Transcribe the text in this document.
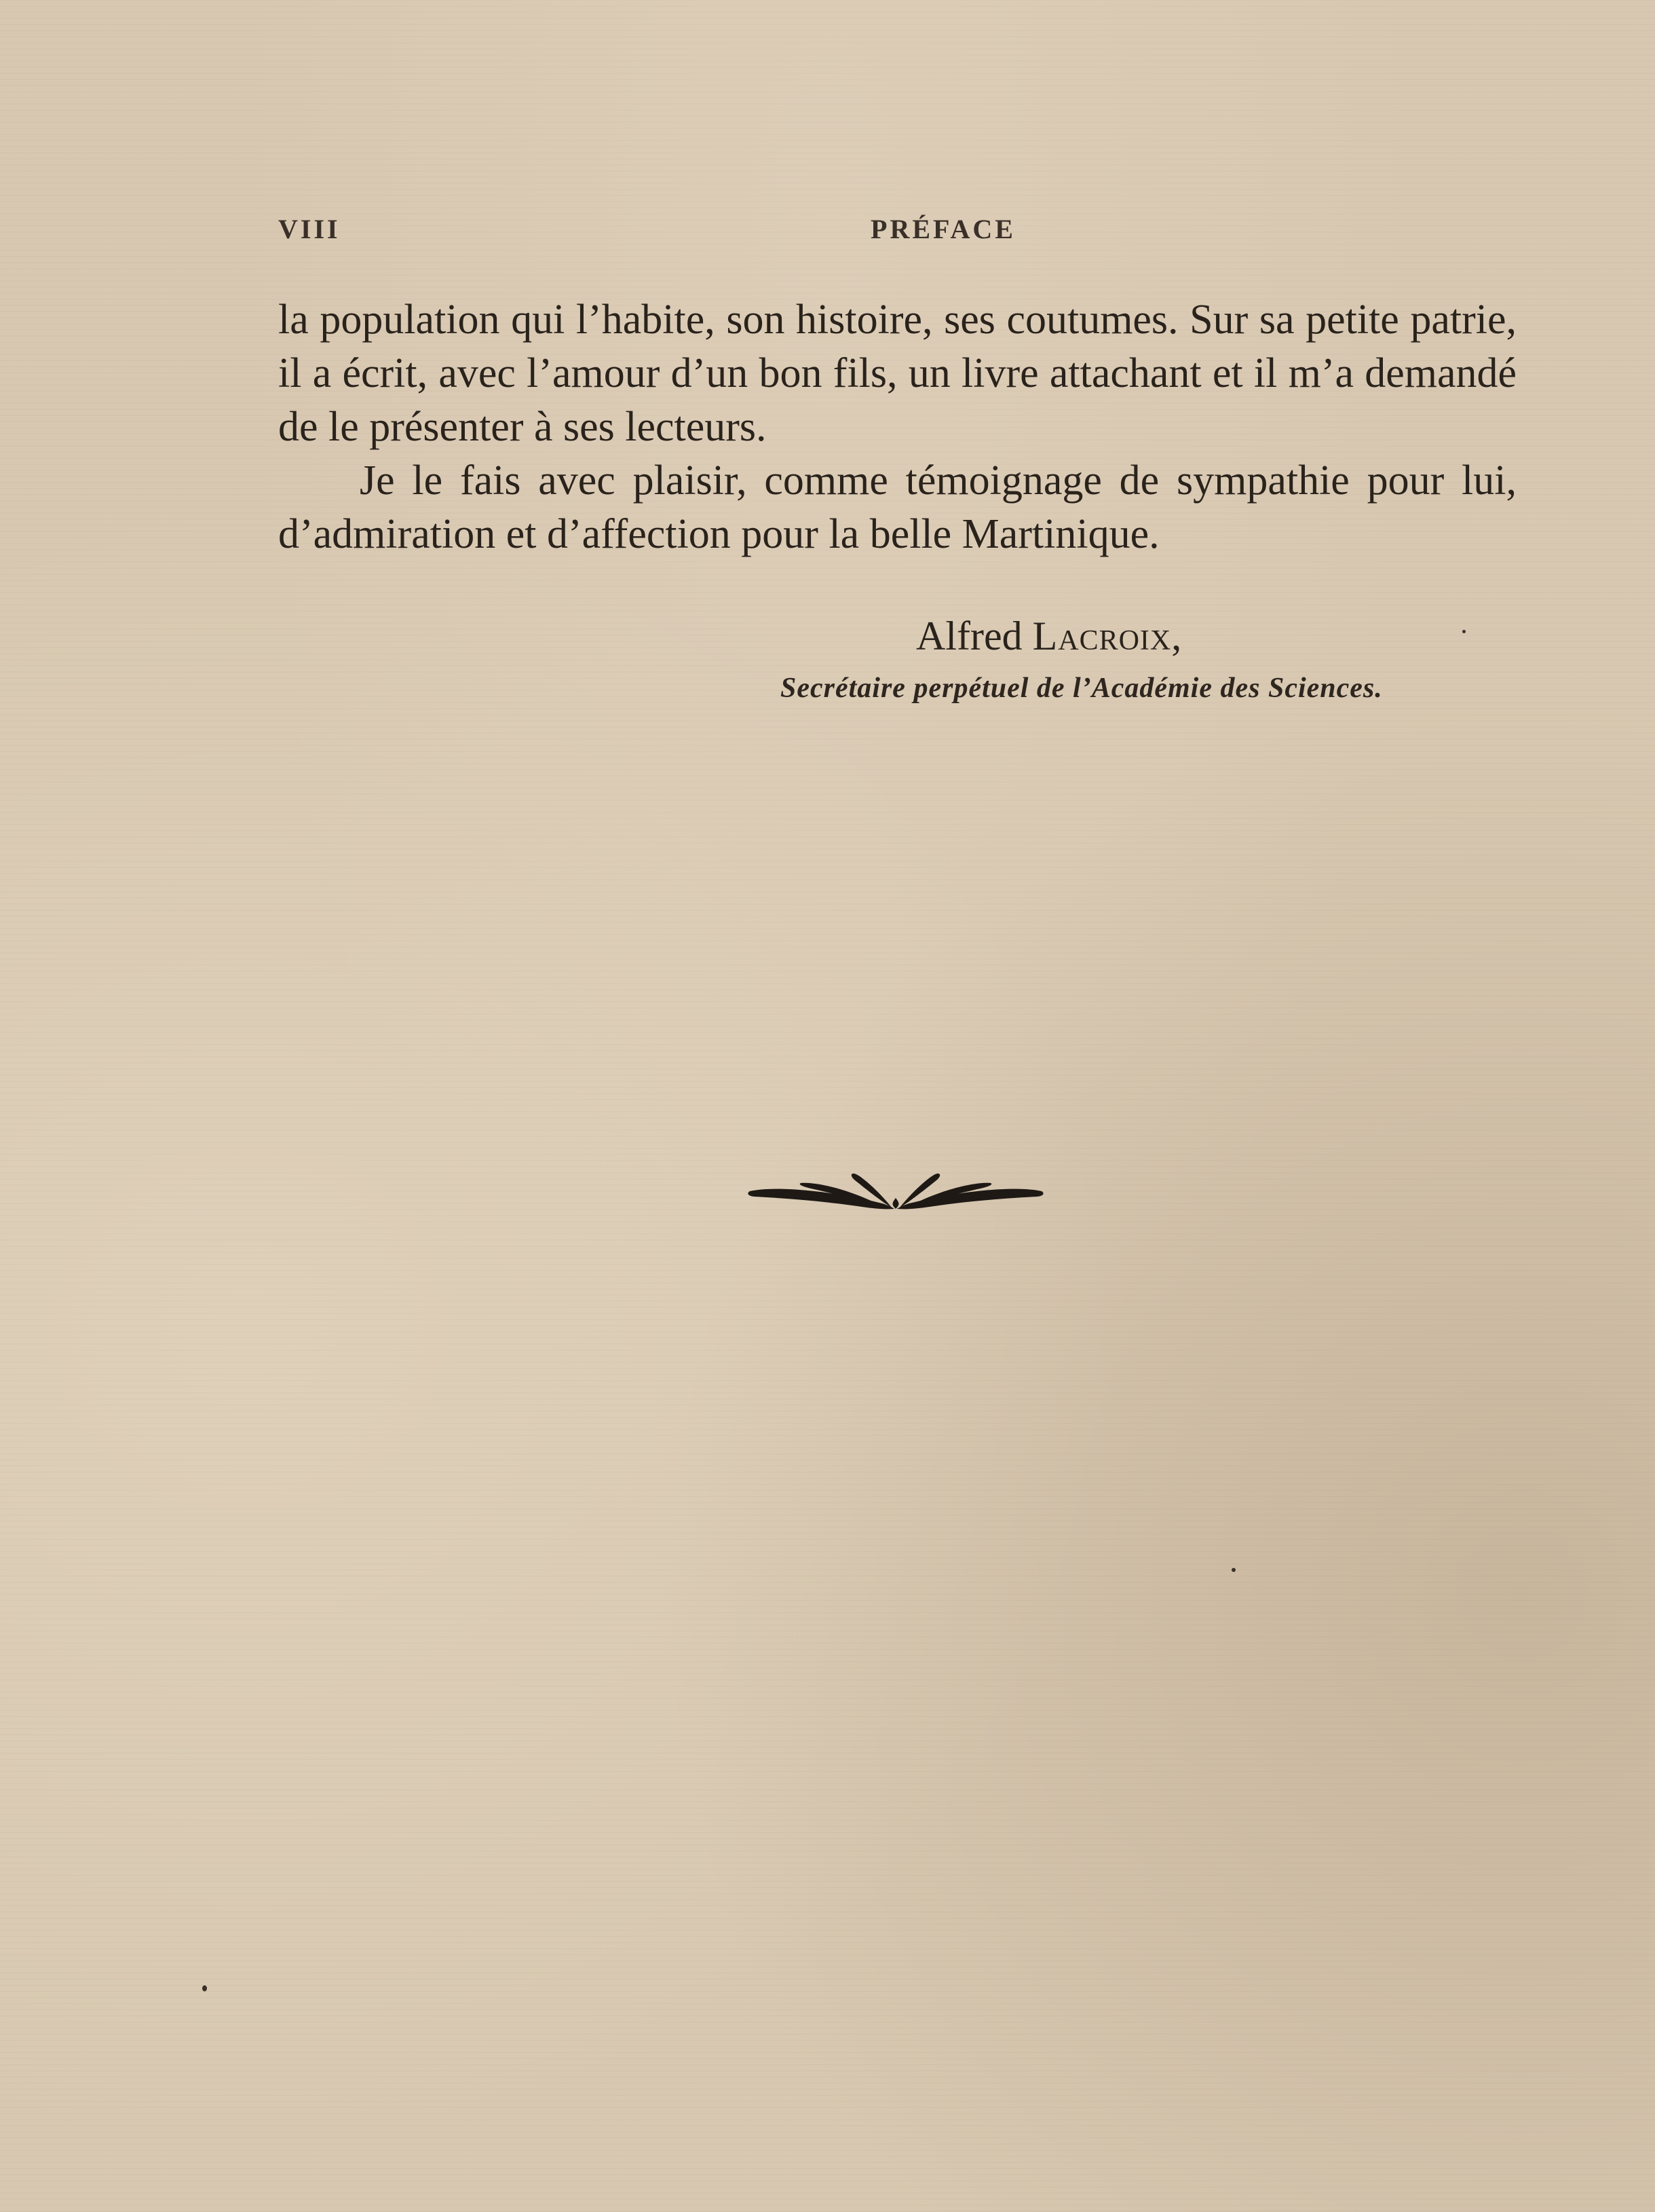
VIII	PRÉFACE

la population qui l’habite, son histoire, ses coutumes. Sur sa petite patrie, il a écrit, avec l’amour d’un bon fils, un livre attachant et il m’a demandé de le présenter à ses lecteurs.

Je le fais avec plaisir, comme témoignage de sympathie pour lui, d’admiration et d’affection pour la belle Martinique.

Alfred Lacroix,
Secrétaire perpétuel de l’Académie des Sciences.
